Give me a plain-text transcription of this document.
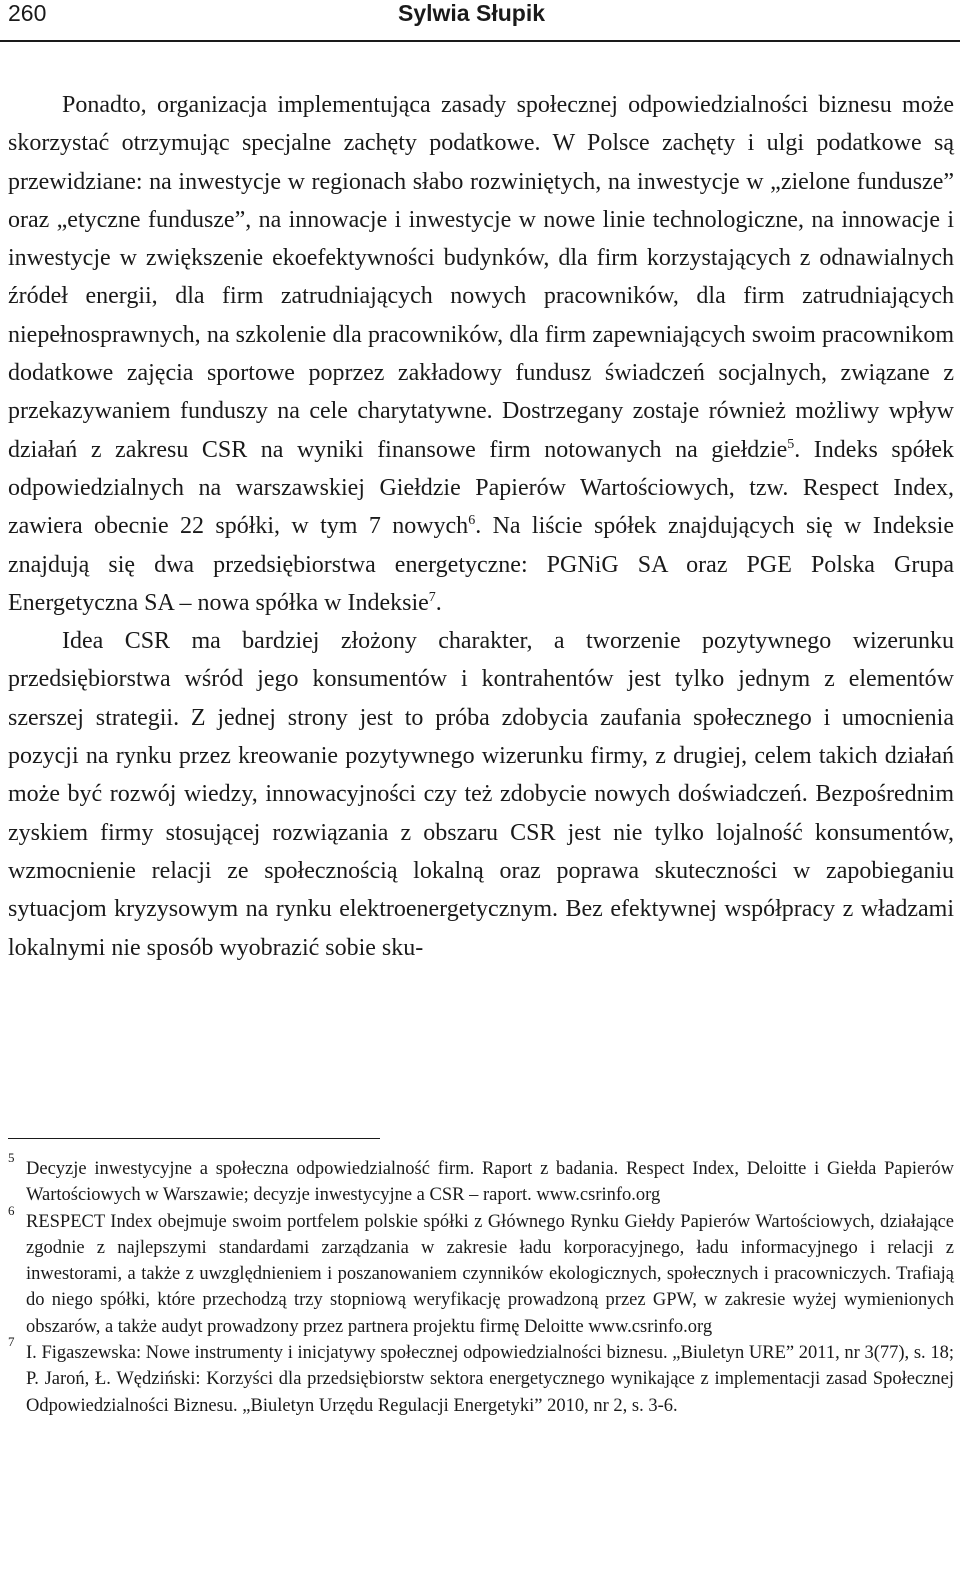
260	Sylwia Słupik

Ponadto, organizacja implementująca zasady społecznej odpowiedzialności biznesu może skorzystać otrzymując specjalne zachęty podatkowe. W Polsce zachęty i ulgi podatkowe są przewidziane: na inwestycje w regionach słabo rozwiniętych, na inwestycje w „zielone fundusze” oraz „etyczne fundusze”, na innowacje i inwestycje w nowe linie technologiczne, na innowacje i inwestycje w zwiększenie ekoefektywności budynków, dla firm korzystających z odnawialnych źródeł energii, dla firm zatrudniających nowych pracowników, dla firm zatrudniających niepełnosprawnych, na szkolenie dla pracowników, dla firm zapewniających swoim pracownikom dodatkowe zajęcia sportowe poprzez zakładowy fundusz świadczeń socjalnych, związane z przekazywaniem funduszy na cele charytatywne. Dostrzegany zostaje również możliwy wpływ działań z zakresu CSR na wyniki finansowe firm notowanych na giełdzie$^5$. Indeks spółek odpowiedzialnych na warszawskiej Giełdzie Papierów Wartościowych, tzw. Respect Index, zawiera obecnie 22 spółki, w tym 7 nowych$^6$. Na liście spółek znajdujących się w Indeksie znajdują się dwa przedsiębiorstwa energetyczne: PGNiG SA oraz PGE Polska Grupa Energetyczna SA – nowa spółka w Indeksie$^7$.

Idea CSR ma bardziej złożony charakter, a tworzenie pozytywnego wizerunku przedsiębiorstwa wśród jego konsumentów i kontrahentów jest tylko jednym z elementów szerszej strategii. Z jednej strony jest to próba zdobycia zaufania społecznego i umocnienia pozycji na rynku przez kreowanie pozytywnego wizerunku firmy, z drugiej, celem takich działań może być rozwój wiedzy, innowacyjności czy też zdobycie nowych doświadczeń. Bezpośrednim zyskiem firmy stosującej rozwiązania z obszaru CSR jest nie tylko lojalność konsumentów, wzmocnienie relacji ze społecznością lokalną oraz poprawa skuteczności w zapobieganiu sytuacjom kryzysowym na rynku elektroenergetycznym. Bez efektywnej współpracy z władzami lokalnymi nie sposób wyobrazić sobie sku-

5
Decyzje inwestycyjne a społeczna odpowiedzialność firm. Raport z badania. Respect Index, Deloitte i Giełda Papierów Wartościowych w Warszawie; decyzje inwestycyjne a CSR – raport. www.csrinfo.org

6
RESPECT Index obejmuje swoim portfelem polskie spółki z Głównego Rynku Giełdy Papierów Wartościowych, działające zgodnie z najlepszymi standardami zarządzania w zakresie ładu korporacyjnego, ładu informacyjnego i relacji z inwestorami, a także z uwzględnieniem i poszanowaniem czynników ekologicznych, społecznych i pracowniczych. Trafiają do niego spółki, które przechodzą trzy stopniową weryfikację prowadzoną przez GPW, w zakresie wyżej wymienionych obszarów, a także audyt prowadzony przez partnera projektu firmę Deloitte www.csrinfo.org

7
I. Figaszewska: Nowe instrumenty i inicjatywy społecznej odpowiedzialności biznesu. „Biuletyn URE” 2011, nr 3(77), s. 18; P. Jaroń, Ł. Wędziński: Korzyści dla przedsiębiorstw sektora energetycznego wynikające z implementacji zasad Społecznej Odpowiedzialności Biznesu. „Biuletyn Urzędu Regulacji Energetyki” 2010, nr 2, s. 3-6.
